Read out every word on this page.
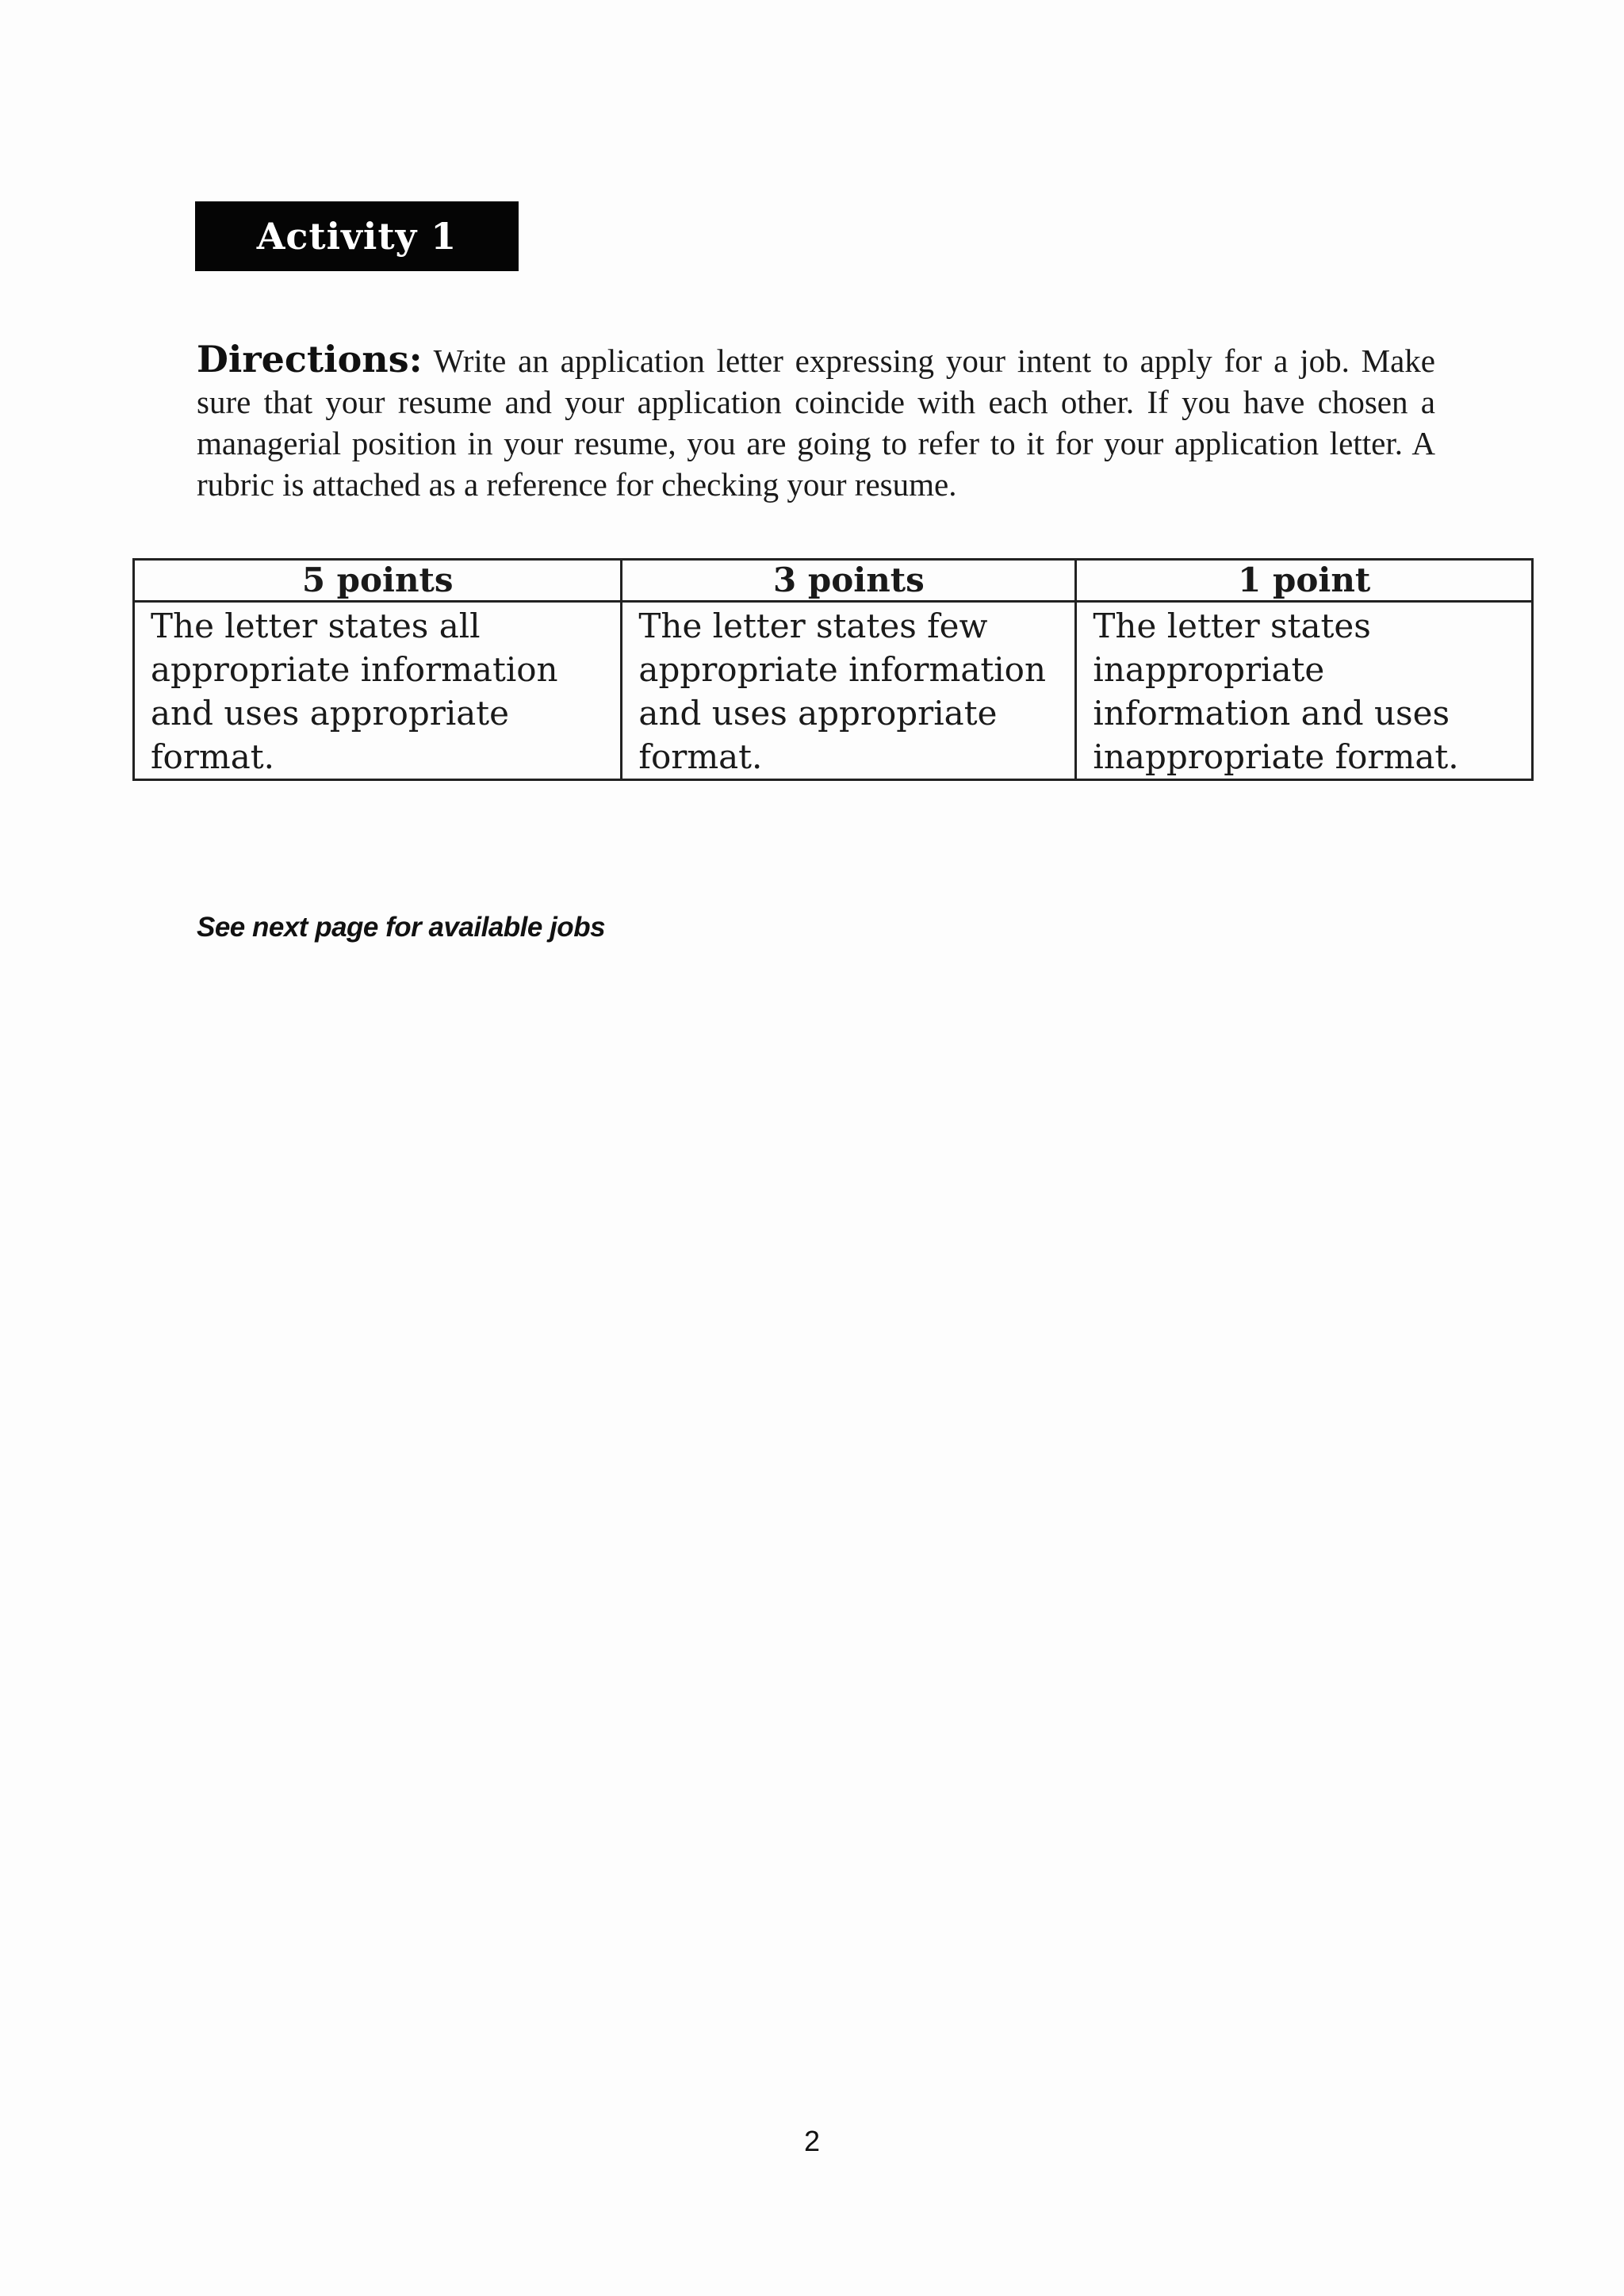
Activity 1

Directions: Write an application letter expressing your intent to apply for a job. Make sure that your resume and your application coincide with each other. If you have chosen a managerial position in your resume, you are going to refer to it for your application letter. A rubric is attached as a reference for checking your resume.

5 points	3 points	1 point
The letter states all appropriate information and uses appropriate format.	The letter states few appropriate information and uses appropriate format.	The letter states inappropriate information and uses inappropriate format.
See next page for available jobs
2
